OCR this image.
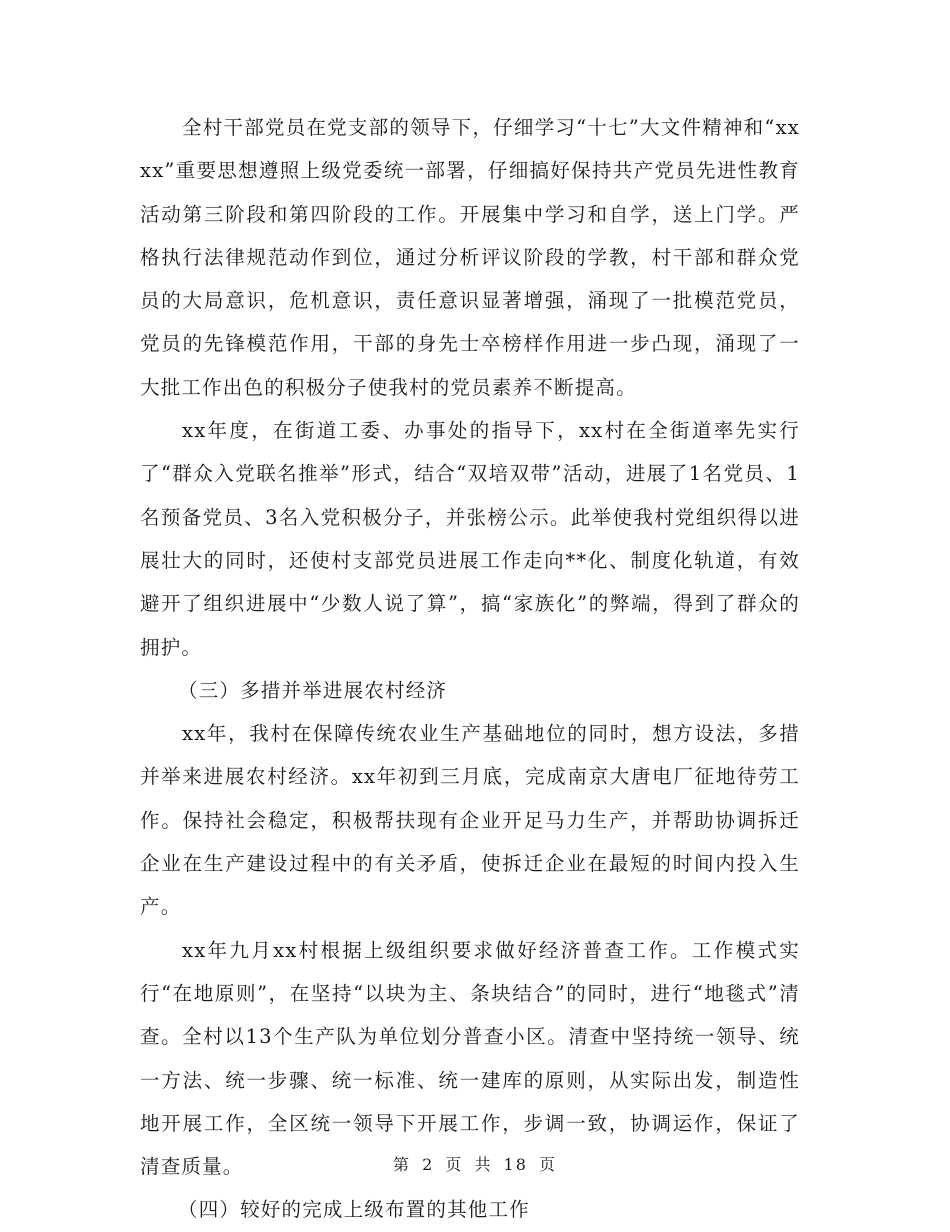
全村干部党员在党支部的领导下，仔细学习“十七”大文件精神和“xxxx”重要思想遵照上级党委统一部署，仔细搞好保持共产党员先进性教育活动第三阶段和第四阶段的工作。开展集中学习和自学，送上门学。严格执行法律规范动作到位，通过分析评议阶段的学教，村干部和群众党员的大局意识，危机意识，责任意识显著增强，涌现了一批模范党员，党员的先锋模范作用，干部的身先士卒榜样作用进一步凸现，涌现了一大批工作出色的积极分子使我村的党员素养不断提高。

xx年度，在街道工委、办事处的指导下，xx村在全街道率先实行了“群众入党联名推举”形式，结合“双培双带”活动，进展了1名党员、1名预备党员、3名入党积极分子，并张榜公示。此举使我村党组织得以进展壮大的同时，还使村支部党员进展工作走向**化、制度化轨道，有效避开了组织进展中“少数人说了算”，搞“家族化”的弊端，得到了群众的拥护。

（三）多措并举进展农村经济

xx年，我村在保障传统农业生产基础地位的同时，想方设法，多措并举来进展农村经济。xx年初到三月底，完成南京大唐电厂征地待劳工作。保持社会稳定，积极帮扶现有企业开足马力生产，并帮助协调拆迁企业在生产建设过程中的有关矛盾，使拆迁企业在最短的时间内投入生产。

xx年九月xx村根据上级组织要求做好经济普查工作。工作模式实行“在地原则”，在坚持“以块为主、条块结合”的同时，进行“地毯式”清查。全村以13个生产队为单位划分普查小区。清查中坚持统一领导、统一方法、统一步骤、统一标准、统一建库的原则，从实际出发，制造性地开展工作，全区统一领导下开展工作，步调一致，协调运作，保证了清查质量。

（四）较好的完成上级布置的其他工作

第 2 页 共 18 页
